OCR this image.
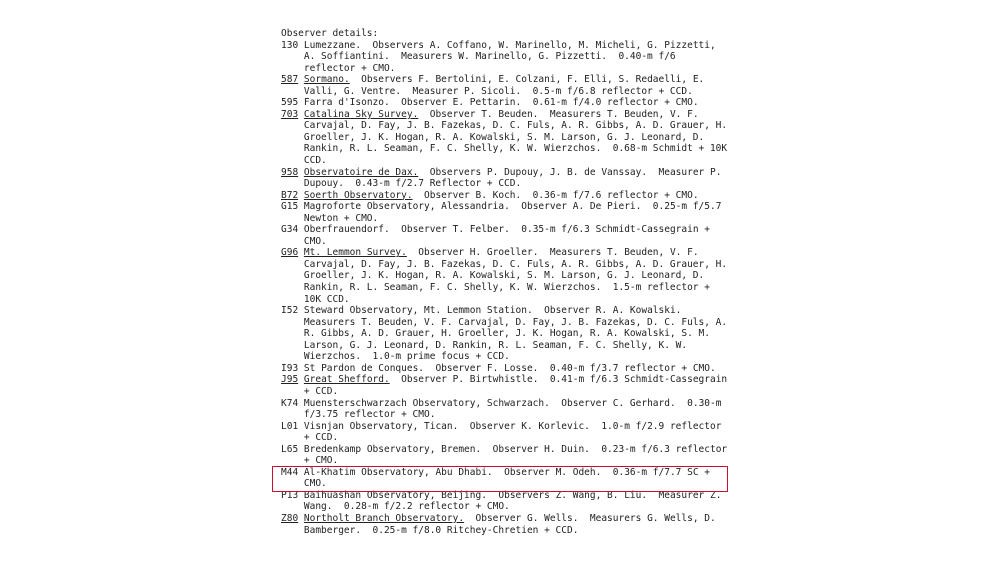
Observer details:
130 Lumezzane.  Observers A. Coffano, W. Marinello, M. Micheli, G. Pizzetti,
A. Soffiantini.  Measurers W. Marinello, G. Pizzetti.  0.40-m f/6
reflector + CMO.
587 Sormano.  Observers F. Bertolini, E. Colzani, F. Elli, S. Redaelli, E.
Valli, G. Ventre.  Measurer P. Sicoli.  0.5-m f/6.8 reflector + CCD.
595 Farra d'Isonzo.  Observer E. Pettarin.  0.61-m f/4.0 reflector + CMO.
703 Catalina Sky Survey.  Observer T. Beuden.  Measurers T. Beuden, V. F.
Carvajal, D. Fay, J. B. Fazekas, D. C. Fuls, A. R. Gibbs, A. D. Grauer, H.
Groeller, J. K. Hogan, R. A. Kowalski, S. M. Larson, G. J. Leonard, D.
Rankin, R. L. Seaman, F. C. Shelly, K. W. Wierzchos.  0.68-m Schmidt + 10K
CCD.
958 Observatoire de Dax.  Observers P. Dupouy, J. B. de Vanssay.  Measurer P.
Dupouy.  0.43-m f/2.7 Reflector + CCD.
B72 Soerth Observatory.  Observer B. Koch.  0.36-m f/7.6 reflector + CMO.
G15 Magroforte Observatory, Alessandria.  Observer A. De Pieri.  0.25-m f/5.7
Newton + CMO.
G34 Oberfrauendorf.  Observer T. Felber.  0.35-m f/6.3 Schmidt-Cassegrain +
CMO.
G96 Mt. Lemmon Survey.  Observer H. Groeller.  Measurers T. Beuden, V. F.
Carvajal, D. Fay, J. B. Fazekas, D. C. Fuls, A. R. Gibbs, A. D. Grauer, H.
Groeller, J. K. Hogan, R. A. Kowalski, S. M. Larson, G. J. Leonard, D.
Rankin, R. L. Seaman, F. C. Shelly, K. W. Wierzchos.  1.5-m reflector +
10K CCD.
I52 Steward Observatory, Mt. Lemmon Station.  Observer R. A. Kowalski.
Measurers T. Beuden, V. F. Carvajal, D. Fay, J. B. Fazekas, D. C. Fuls, A.
R. Gibbs, A. D. Grauer, H. Groeller, J. K. Hogan, R. A. Kowalski, S. M.
Larson, G. J. Leonard, D. Rankin, R. L. Seaman, F. C. Shelly, K. W.
Wierzchos.  1.0-m prime focus + CCD.
I93 St Pardon de Conques.  Observer F. Losse.  0.40-m f/3.7 reflector + CMO.
J95 Great Shefford.  Observer P. Birtwhistle.  0.41-m f/6.3 Schmidt-Cassegrain
+ CCD.
K74 Muensterschwarzach Observatory, Schwarzach.  Observer C. Gerhard.  0.30-m
f/3.75 reflector + CMO.
L01 Visnjan Observatory, Tican.  Observer K. Korlevic.  1.0-m f/2.9 reflector
+ CCD.
L65 Bredenkamp Observatory, Bremen.  Observer H. Duin.  0.23-m f/6.3 reflector
+ CMO.
M44 Al-Khatim Observatory, Abu Dhabi.  Observer M. Odeh.  0.36-m f/7.7 SC +
CMO.
P13 Baihuashan Observatory, Beijing.  Observers Z. Wang, B. Liu.  Measurer Z.
Wang.  0.28-m f/2.2 reflector + CMO.
Z80 Northolt Branch Observatory.  Observer G. Wells.  Measurers G. Wells, D.
Bamberger.  0.25-m f/8.0 Ritchey-Chretien + CCD.
